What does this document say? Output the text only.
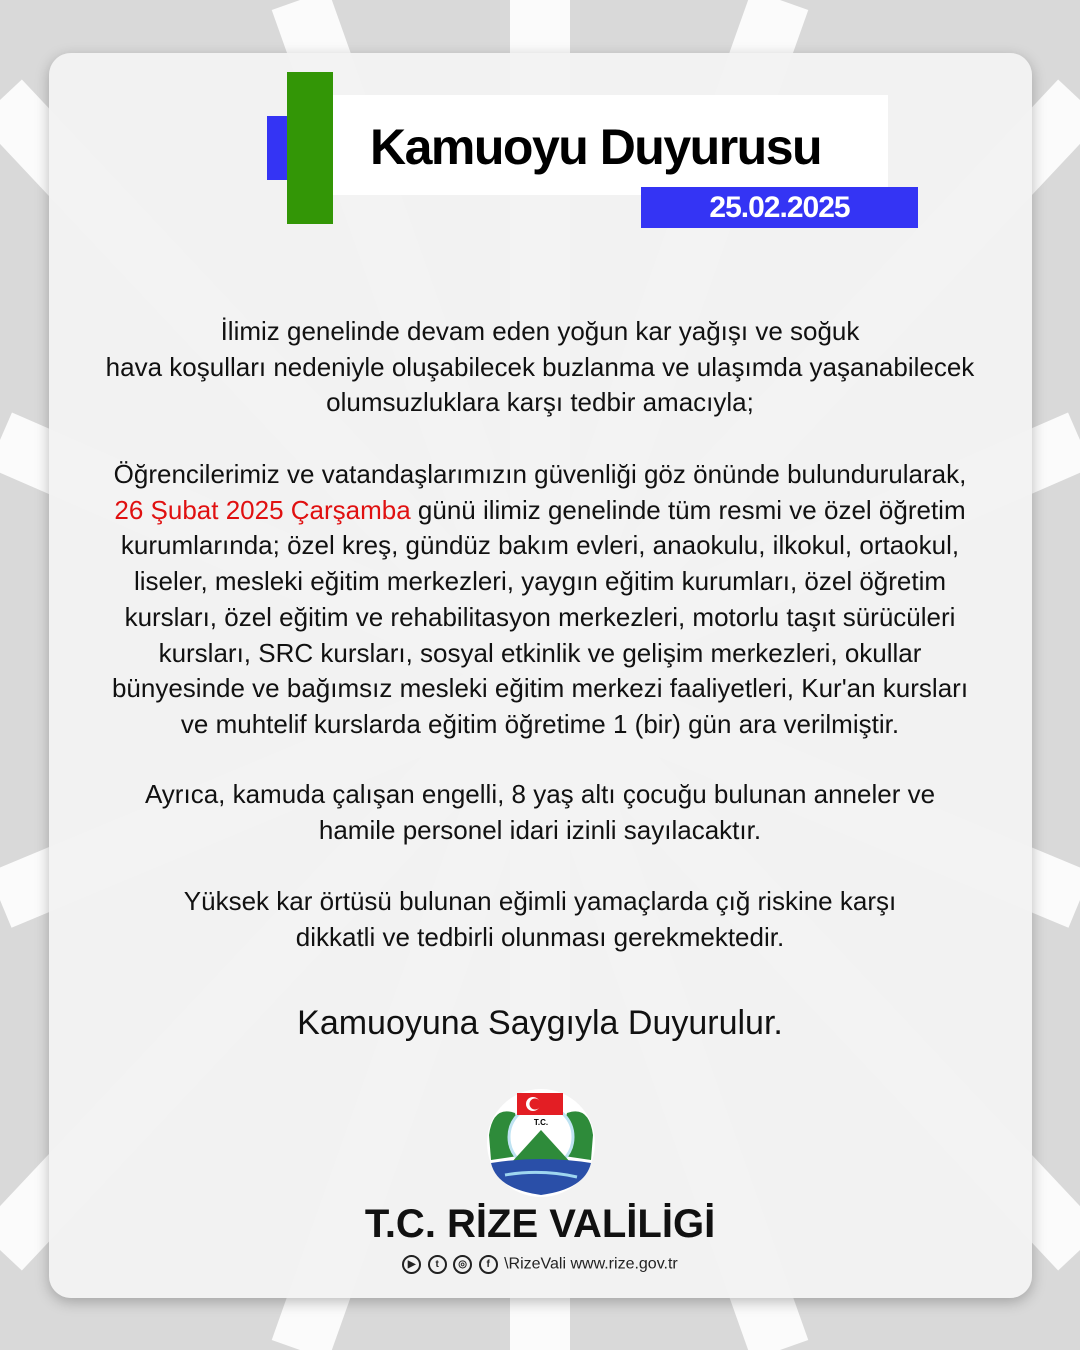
Kamuoyu Duyurusu
25.02.2025

İlimiz genelinde devam eden yoğun kar yağışı ve soğuk

hava koşulları nedeniyle oluşabilecek buzlanma ve ulaşımda yaşanabilecek

olumsuzluklara karşı tedbir amacıyla;

Öğrencilerimiz ve vatandaşlarımızın güvenliği göz önünde bulundurularak,

26 Şubat 2025 Çarşamba günü ilimiz genelinde tüm resmi ve özel öğretim

kurumlarında; özel kreş, gündüz bakım evleri, anaokulu, ilkokul, ortaokul,

liseler, mesleki eğitim merkezleri, yaygın eğitim kurumları, özel öğretim

kursları, özel eğitim ve rehabilitasyon merkezleri, motorlu taşıt sürücüleri

kursları, SRC kursları, sosyal etkinlik ve gelişim merkezleri, okullar

bünyesinde ve bağımsız mesleki eğitim merkezi faaliyetleri, Kur'an kursları

ve muhtelif kurslarda eğitim öğretime 1 (bir) gün ara verilmiştir.

Ayrıca, kamuda çalışan engelli, 8 yaş altı çocuğu bulunan anneler ve

hamile personel idari izinli sayılacaktır.

Yüksek kar örtüsü bulunan eğimli yamaçlarda çığ riskine karşı

dikkatli ve tedbirli olunması gerekmektedir.

Kamuoyuna Saygıyla Duyurulur.
T.C.
T.C. RİZE VALİLİGİ
▶ t ◎ f \RizeVali www.rize.gov.tr
